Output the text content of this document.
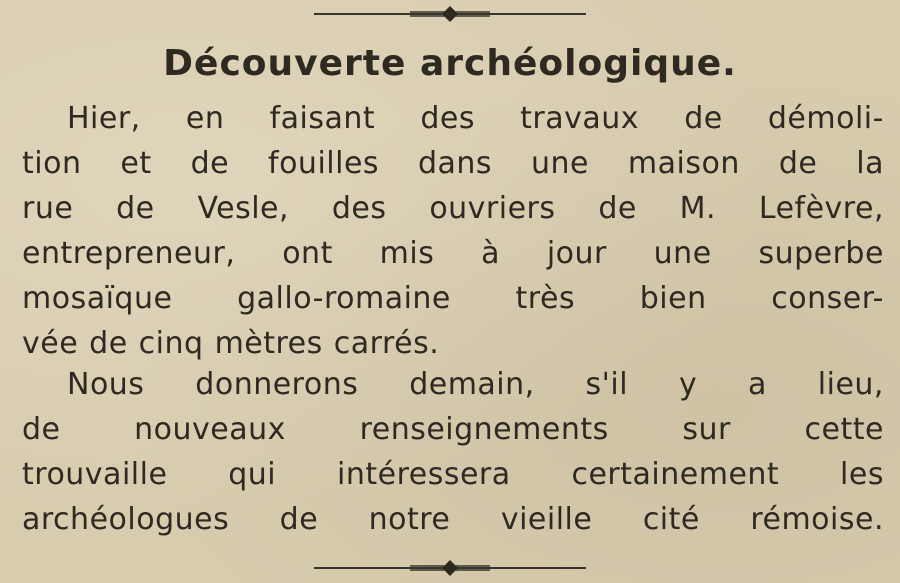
Découverte archéologique.
Hier, en faisant des travaux de démoli-
tion et de fouilles dans une maison de la
rue de Vesle, des ouvriers de M. Lefèvre,
entrepreneur, ont mis à jour une superbe
mosaïque gallo-romaine très bien conser-
vée de cinq mètres carrés.
Nous donnerons demain, s'il y a lieu,
de nouveaux renseignements sur cette
trouvaille qui intéressera certainement les
archéologues de notre vieille cité rémoise.
